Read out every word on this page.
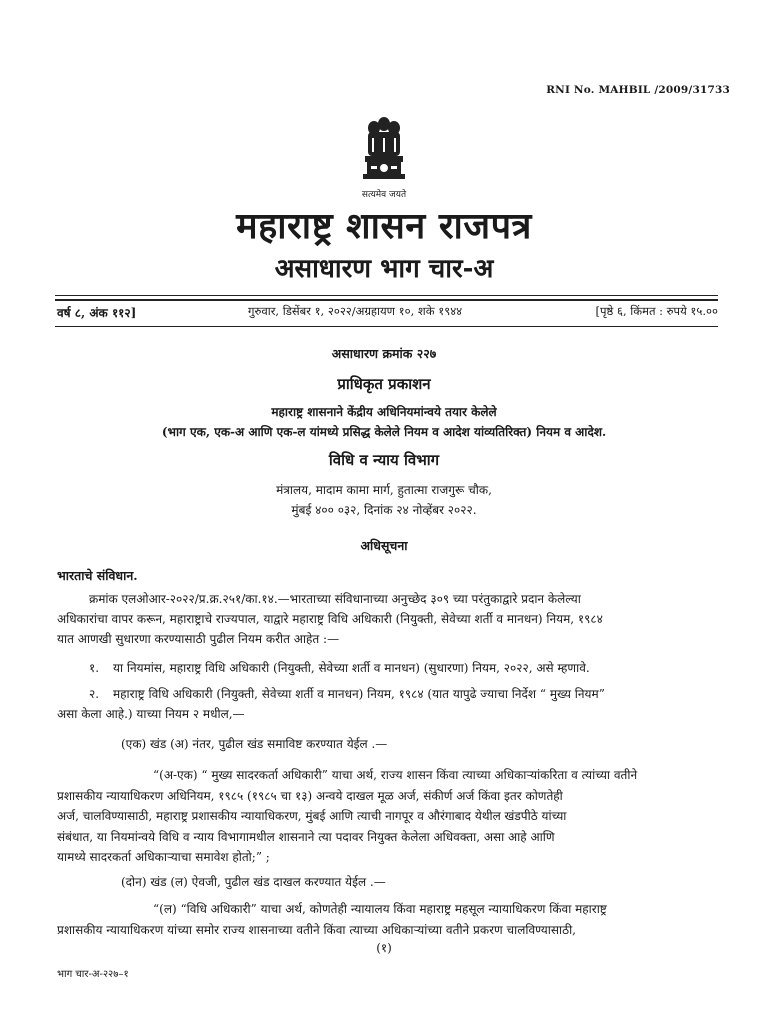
RNI No. MAHBIL /2009/31733
सत्यमेव जयते
महाराष्ट्र शासन राजपत्र
असाधारण भाग चार-अ
वर्ष ८, अंक ११२]	गुरुवार, डिसेंबर १, २०२२/अग्रहायण १०, शके १९४४	[पृष्ठे ६, किंमत : रुपये १५.००
असाधारण क्रमांक २२७
प्राधिकृत प्रकाशन
महाराष्ट्र शासनाने केंद्रीय अधिनियमांन्वये तयार केलेले
(भाग एक, एक-अ आणि एक-ल यांमध्ये प्रसिद्ध केलेले नियम व आदेश यांव्यतिरिक्त) नियम व आदेश.
विधि व न्याय विभाग
मंत्रालय, मादाम कामा मार्ग, हुतात्मा राजगुरू चौक,
मुंबई ४०० ०३२, दिनांक २४ नोव्हेंबर २०२२.
अधिसूचना
भारताचे संविधान.
क्रमांक एलओआर-२०२२/प्र.क्र.२५१/का.१४.—भारताच्या संविधानाच्या अनुच्छेद ३०९ च्या परंतुकाद्वारे प्रदान केलेल्या
अधिकारांचा वापर करून, महाराष्ट्राचे राज्यपाल, याद्वारे महाराष्ट्र विधि अधिकारी (नियुक्ती, सेवेच्या शर्ती व मानधन) नियम, १९८४
यात आणखी सुधारणा करण्यासाठी पुढील नियम करीत आहेत :—
१. या नियमांस, महाराष्ट्र विधि अधिकारी (नियुक्ती, सेवेच्या शर्ती व मानधन) (सुधारणा) नियम, २०२२, असे म्हणावे.
२. महाराष्ट्र विधि अधिकारी (नियुक्ती, सेवेच्या शर्ती व मानधन) नियम, १९८४ (यात यापुढे ज्याचा निर्देश “ मुख्य नियम”
असा केला आहे.) याच्या नियम २ मधील,—
(एक) खंड (अ) नंतर, पुढील खंड समाविष्ट करण्यात येईल .—
“(अ-एक) “ मुख्य सादरकर्ता अधिकारी” याचा अर्थ, राज्य शासन किंवा त्याच्या अधिकाऱ्यांकरिता व त्यांच्या वतीने
प्रशासकीय न्यायाधिकरण अधिनियम, १९८५ (१९८५ चा १३) अन्वये दाखल मूळ अर्ज, संकीर्ण अर्ज किंवा इतर कोणतेही
अर्ज, चालविण्यासाठी, महाराष्ट्र प्रशासकीय न्यायाधिकरण, मुंबई आणि त्याची नागपूर व औरंगाबाद येथील खंडपीठे यांच्या
संबंधात, या नियमांन्वये विधि व न्याय विभागामधील शासनाने त्या पदावर नियुक्त केलेला अधिवक्ता, असा आहे आणि
यामध्ये सादरकर्ता अधिकाऱ्याचा समावेश होतो;” ;
(दोन) खंड (ल) ऐवजी, पुढील खंड दाखल करण्यात येईल .—
“(ल) “विधि अधिकारी” याचा अर्थ, कोणतेही न्यायालय किंवा महाराष्ट्र महसूल न्यायाधिकरण किंवा महाराष्ट्र
प्रशासकीय न्यायाधिकरण यांच्या समोर राज्य शासनाच्या वतीने किंवा त्याच्या अधिकाऱ्यांच्या वतीने प्रकरण चालविण्यासाठी,
(१)
भाग चार-अ-२२७–१
